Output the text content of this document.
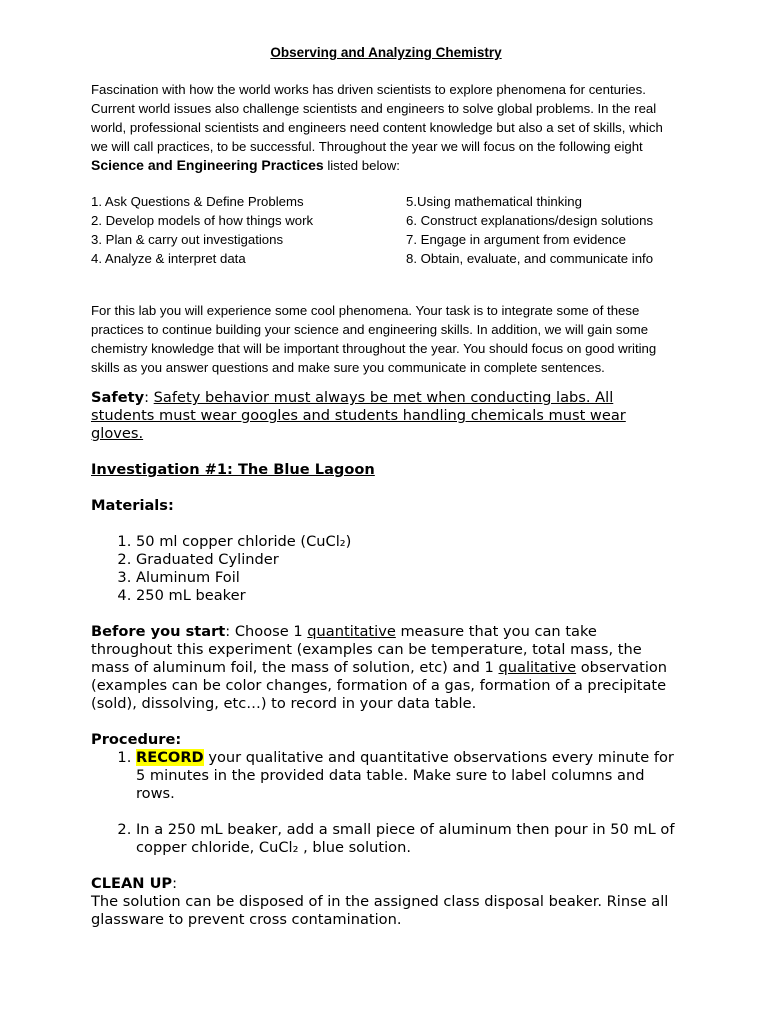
Observing and Analyzing Chemistry

Fascination with how the world works has driven scientists to explore phenomena for centuries. Current world issues also challenge scientists and engineers to solve global problems. In the real world, professional scientists and engineers need content knowledge but also a set of skills, which we will call practices, to be successful. Throughout the year we will focus on the following eight Science and Engineering Practices listed below:

1. Ask Questions & Define Problems
2. Develop models of how things work
3. Plan & carry out investigations
4. Analyze & interpret data
5.Using mathematical thinking
6. Construct explanations/design solutions
7. Engage in argument from evidence
8. Obtain, evaluate, and communicate info

For this lab you will experience some cool phenomena. Your task is to integrate some of these practices to continue building your science and engineering skills. In addition, we will gain some chemistry knowledge that will be important throughout the year. You should focus on good writing skills as you answer questions and make sure you communicate in complete sentences.

Safety: Safety behavior must always be met when conducting labs. All students must wear googles and students handling chemicals must wear gloves.

Investigation #1: The Blue Lagoon

Materials:

1. 50 ml copper chloride (CuCl₂)
2. Graduated Cylinder
3. Aluminum Foil
4. 250 mL beaker

Before you start: Choose 1 quantitative measure that you can take throughout this experiment (examples can be temperature, total mass, the mass of aluminum foil, the mass of solution, etc) and 1 qualitative observation (examples can be color changes, formation of a gas, formation of a precipitate (sold), dissolving, etc…) to record in your data table.

Procedure:

1. RECORD your qualitative and quantitative observations every minute for 5 minutes in the provided data table. Make sure to label columns and rows.
2. In a 250 mL beaker, add a small piece of aluminum then pour in 50 mL of copper chloride, CuCl₂ , blue solution.

CLEAN UP:

The solution can be disposed of in the assigned class disposal beaker. Rinse all glassware to prevent cross contamination.
